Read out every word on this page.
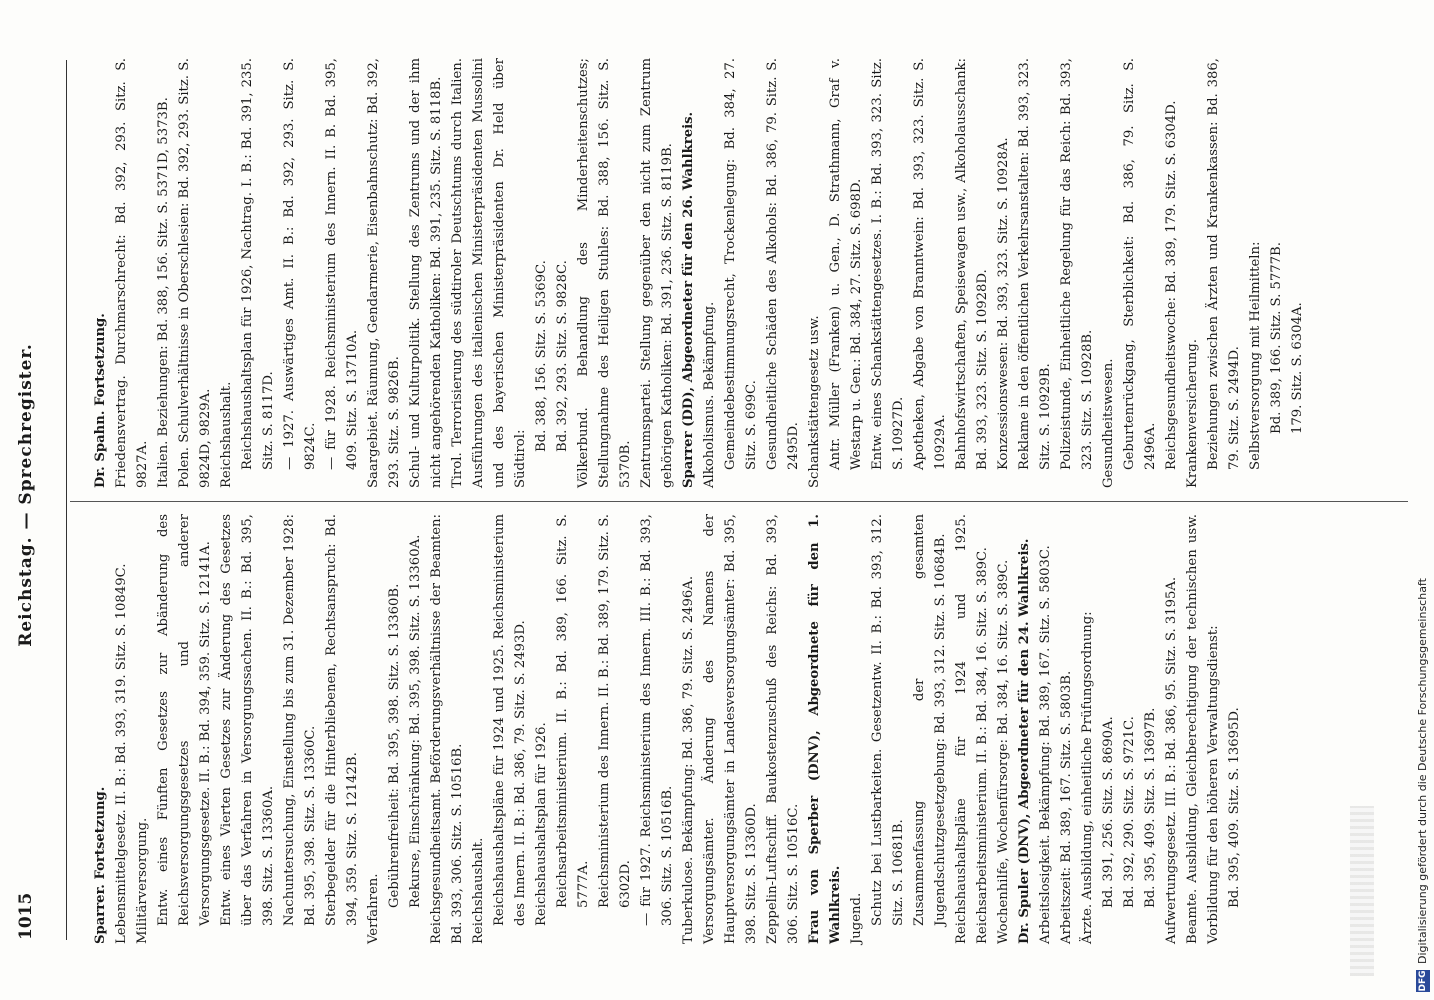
1015
Reichstag. — Sprechregister.

Sparrer. Fortsetzung. Lebensmittelgesetz. II. B.: Bd. 393, 319. Sitz. S. 10849C. Militärversorgung. Entw. eines Fünften Gesetzes zur Abänderung des Reichsversorgungsgesetzes und anderer Versorgungsgesetze. II. B.: Bd. 394, 359. Sitz. S. 12141A. Entw. eines Vierten Gesetzes zur Änderung des Gesetzes über das Verfahren in Versorgungssachen. II. B.: Bd. 395, 398. Sitz. S. 13360A. Nachuntersuchung, Einstellung bis zum 31. Dezember 1928: Bd. 395, 398. Sitz. S. 13360C. Sterbegelder für die Hinterbliebenen, Rechtsanspruch: Bd. 394, 359. Sitz. S. 12142B. Verfahren.

Gebührenfreiheit: Bd. 395, 398. Sitz. S. 13360B. Rekurse, Einschränkung: Bd. 395, 398. Sitz. S. 13360A. Reichsgesundheitsamt. Beförderungsverhältnisse der Beamten: Bd. 393, 306. Sitz. S. 10516B. Reichshaushalt. Reichshaushaltspläne für 1924 und 1925. Reichsministerium des Innern. II. B.: Bd. 386, 79. Sitz. S. 2493D. Reichshaushaltsplan für 1926. Reichsarbeitsministerium. II. B.: Bd. 389, 166. Sitz. S. 5777A. Reichsministerium des Innern. II. B.: Bd. 389, 179. Sitz. S. 6302D. — für 1927. Reichsministerium des Innern. III. B.: Bd. 393, 306. Sitz. S. 10516B. Tuberkulose. Bekämpfung: Bd. 386, 79. Sitz. S. 2496A. Versorgungsämter. Änderung des Namens der Hauptversorgungsämter in Landesversorgungsämter: Bd. 395, 398. Sitz. S. 13360D. Zeppelin-Luftschiff. Baukostenzuschuß des Reichs: Bd. 393, 306. Sitz. S. 10516C. Frau von Sperber (DNV), Abgeordnete für den 1. Wahlkreis. Jugend. Schutz bei Lustbarkeiten. Gesetzentw. II. B.: Bd. 393, 312. Sitz. S. 10681B. Zusammenfassung der gesamten Jugendschutzgesetzgebung: Bd. 393, 312. Sitz. S. 10684B. Reichshaushaltspläne für 1924 und 1925. Reichsarbeitsministerium. II. B.: Bd. 384, 16. Sitz. S. 389C. Wochenhilfe, Wochenfürsorge: Bd. 384, 16. Sitz. S. 389C. Dr. Spuler (DNV), Abgeordneter für den 24. Wahlkreis. Arbeitslosigkeit. Bekämpfung: Bd. 389, 167. Sitz. S. 5803C. Arbeitszeit: Bd. 389, 167. Sitz. S. 5803B. Ärzte. Ausbildung, einheitliche Prüfungsordnung: Bd. 391, 256. Sitz. S. 8690A. Bd. 392, 290. Sitz. S. 9721C. Bd. 395, 409. Sitz. S. 13697B. Aufwertungsgesetz. III. B.: Bd. 386, 95. Sitz. S. 3195A. Beamte. Ausbildung, Gleichberechtigung der technischen usw. Vorbildung für den höheren Verwaltungsdienst: Bd. 395, 409. Sitz. S. 13695D.

Dr. Spahn. Fortsetzung. Friedensvertrag. Durchmarschrecht: Bd. 392, 293. Sitz. S. 9827A. Italien. Beziehungen: Bd. 388, 156. Sitz. S. 5371D, 5373B. Polen. Schulverhältnisse in Oberschlesien: Bd. 392, 293. Sitz. S. 9824D, 9829A. Reichshaushalt. Reichshaushaltsplan für 1926, Nachtrag. I. B.: Bd. 391, 235. Sitz. S. 8117D. — 1927. Auswärtiges Amt. II. B.: Bd. 392, 293. Sitz. S. 9824C. — für 1928. Reichsministerium des Innern. II. B. Bd. 395, 409. Sitz. S. 13710A. Saargebiet. Räumung, Gendarmerie, Eisenbahnschutz: Bd. 392, 293. Sitz. S. 9826B. Schul- und Kulturpolitik. Stellung des Zentrums und der ihm nicht angehörenden Katholiken: Bd. 391, 235. Sitz. S. 8118B. Tirol. Terrorisierung des südtiroler Deutschtums durch Italien. Ausführungen des italienischen Ministerpräsidenten Mussolini und des bayerischen Ministerpräsidenten Dr. Held über Südtirol:

Bd. 388, 156. Sitz. S. 5369C. Bd. 392, 293. Sitz. S. 9828C. Völkerbund. Behandlung des Minderheitenschutzes; Stellungnahme des Heiligen Stuhles: Bd. 388, 156. Sitz. S. 5370B. Zentrumspartei. Stellung gegenüber den nicht zum Zentrum gehörigen Katholiken: Bd. 391, 236. Sitz. S. 8119B. Sparrer (DD), Abgeordneter für den 26. Wahlkreis. Alkoholismus. Bekämpfung. Gemeindebestimmungsrecht, Trockenlegung: Bd. 384, 27. Sitz. S. 699C. Gesundheitliche Schäden des Alkohols: Bd. 386, 79. Sitz. S. 2495D. Schankstättengesetz usw. Antr. Müller (Franken) u. Gen., D. Strathmann, Graf v. Westarp u. Gen.: Bd. 384, 27. Sitz. S. 698D. Entw. eines Schankstättengesetzes. I. B.: Bd. 393, 323. Sitz. S. 10927D. Apotheken, Abgabe von Branntwein: Bd. 393, 323. Sitz. S. 10929A. Bahnhofswirtschaften, Speisewagen usw., Alkoholausschank: Bd. 393, 323. Sitz. S. 10928D. Konzessionswesen: Bd. 393, 323. Sitz. S. 10928A. Reklame in den öffentlichen Verkehrsanstalten: Bd. 393, 323. Sitz. S. 10929B. Polizeistunde, Einheitliche Regelung für das Reich: Bd. 393, 323. Sitz. S. 10928B. Gesundheitswesen. Geburtenrückgang, Sterblichkeit: Bd. 386, 79. Sitz. S. 2496A. Reichsgesundheitswoche: Bd. 389, 179. Sitz. S. 6304D. Krankenversicherung. Beziehungen zwischen Ärzten und Krankenkassen: Bd. 386, 79. Sitz. S. 2494D. Selbstversorgung mit Heilmitteln: Bd. 389, 166. Sitz. S. 5777B. 179. Sitz. S. 6304A.

DFG
Digitalisierung gefördert durch die Deutsche Forschungsgemeinschaft
